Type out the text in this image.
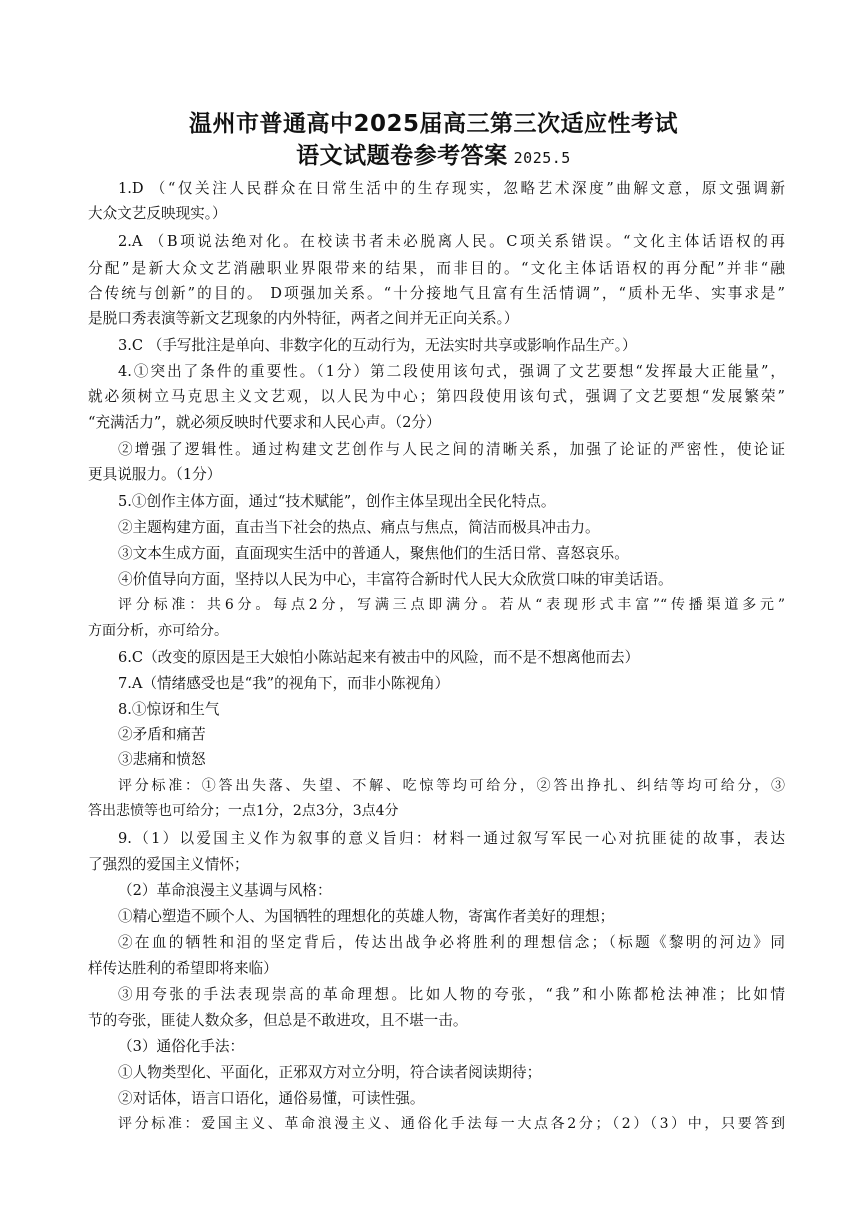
温州市普通高中2025届高三第三次适应性考试
语文试题卷参考答案 2025.5
1.D （“仅关注人民群众在日常生活中的生存现实，忽略艺术深度”曲解文意，原文强调新
大众文艺反映现实。）
2.A （B项说法绝对化。在校读书者未必脱离人民。C项关系错误。“文化主体话语权的再
分配”是新大众文艺消融职业界限带来的结果，而非目的。“文化主体话语权的再分配”并非“融
合传统与创新”的目的。 D项强加关系。“十分接地气且富有生活情调”，“质朴无华、实事求是”
是脱口秀表演等新文艺现象的内外特征，两者之间并无正向关系。）
3.C （手写批注是单向、非数字化的互动行为，无法实时共享或影响作品生产。）
4.①突出了条件的重要性。（1分）第二段使用该句式，强调了文艺要想“发挥最大正能量”，
就必须树立马克思主义文艺观，以人民为中心；第四段使用该句式，强调了文艺要想“发展繁荣”
“充满活力”，就必须反映时代要求和人民心声。（2分）
②增强了逻辑性。通过构建文艺创作与人民之间的清晰关系，加强了论证的严密性，使论证
更具说服力。（1分）
5.①创作主体方面，通过“技术赋能”，创作主体呈现出全民化特点。
②主题构建方面，直击当下社会的热点、痛点与焦点，简洁而极具冲击力。
③文本生成方面，直面现实生活中的普通人，聚焦他们的生活日常、喜怒哀乐。
④价值导向方面，坚持以人民为中心，丰富符合新时代人民大众欣赏口味的审美话语。
评分标准：共6分。每点2分，写满三点即满分。若从“表现形式丰富”“传播渠道多元”
方面分析，亦可给分。
6.C（改变的原因是王大娘怕小陈站起来有被击中的风险，而不是不想离他而去）
7.A（情绪感受也是“我”的视角下，而非小陈视角）
8.①惊讶和生气
②矛盾和痛苦
③悲痛和愤怒
评分标准：①答出失落、失望、不解、吃惊等均可给分，②答出挣扎、纠结等均可给分，③
答出悲愤等也可给分；一点1分，2点3分，3点4分
9.（1）以爱国主义作为叙事的意义旨归：材料一通过叙写军民一心对抗匪徒的故事，表达
了强烈的爱国主义情怀；
（2）革命浪漫主义基调与风格：
①精心塑造不顾个人、为国牺牲的理想化的英雄人物，寄寓作者美好的理想；
②在血的牺牲和泪的坚定背后，传达出战争必将胜利的理想信念；（标题《黎明的河边》同
样传达胜利的希望即将来临）
③用夸张的手法表现崇高的革命理想。比如人物的夸张，“我”和小陈都枪法神准；比如情
节的夸张，匪徒人数众多，但总是不敢进攻，且不堪一击。
（3）通俗化手法：
①人物类型化、平面化，正邪双方对立分明，符合读者阅读期待；
②对话体，语言口语化，通俗易懂，可读性强。
评分标准：爱国主义、革命浪漫主义、通俗化手法每一大点各2分；（2）（3）中，只要答到
